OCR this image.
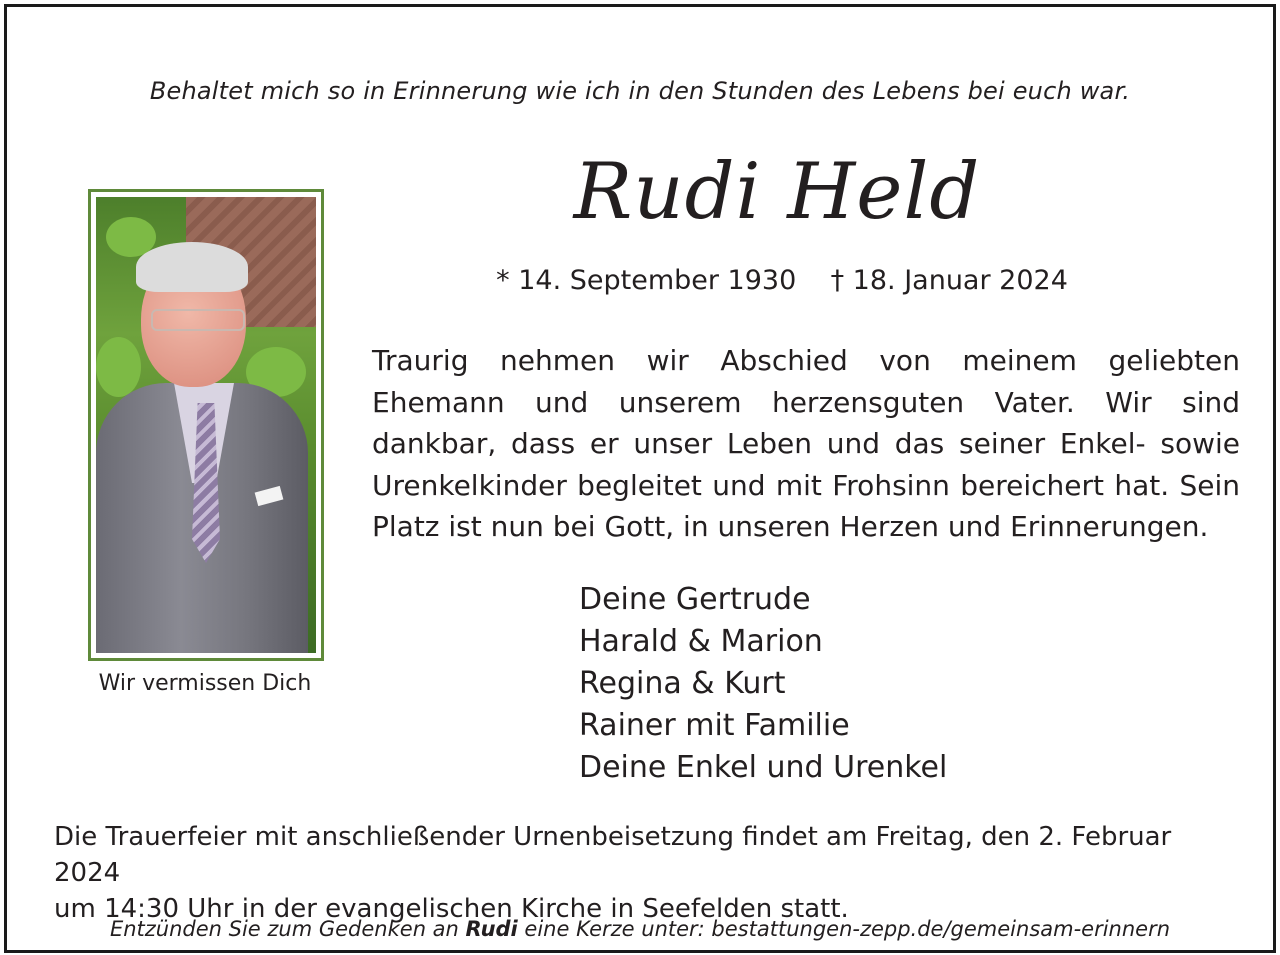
Behaltet mich so in Erinnerung wie ich in den Stunden des Lebens bei euch war.
Rudi Held
* 14. September 1930    † 18. Januar 2024
Wir vermissen Dich
Traurig nehmen wir Abschied von meinem geliebten Ehemann und unserem herzensguten Vater. Wir sind dankbar, dass er unser Leben und das seiner Enkel- sowie Urenkelkinder begleitet und mit Frohsinn bereichert hat. Sein Platz ist nun bei Gott, in unseren Herzen und Erinnerungen.
Deine Gertrude
Harald & Marion
Regina & Kurt
Rainer mit Familie
Deine Enkel und Urenkel
Die Trauerfeier mit anschließender Urnenbeisetzung findet am Freitag, den 2. Februar 2024
um 14:30 Uhr in der evangelischen Kirche in Seefelden statt.
Entzünden Sie zum Gedenken an Rudi eine Kerze unter: bestattungen-zepp.de/gemeinsam-erinnern
